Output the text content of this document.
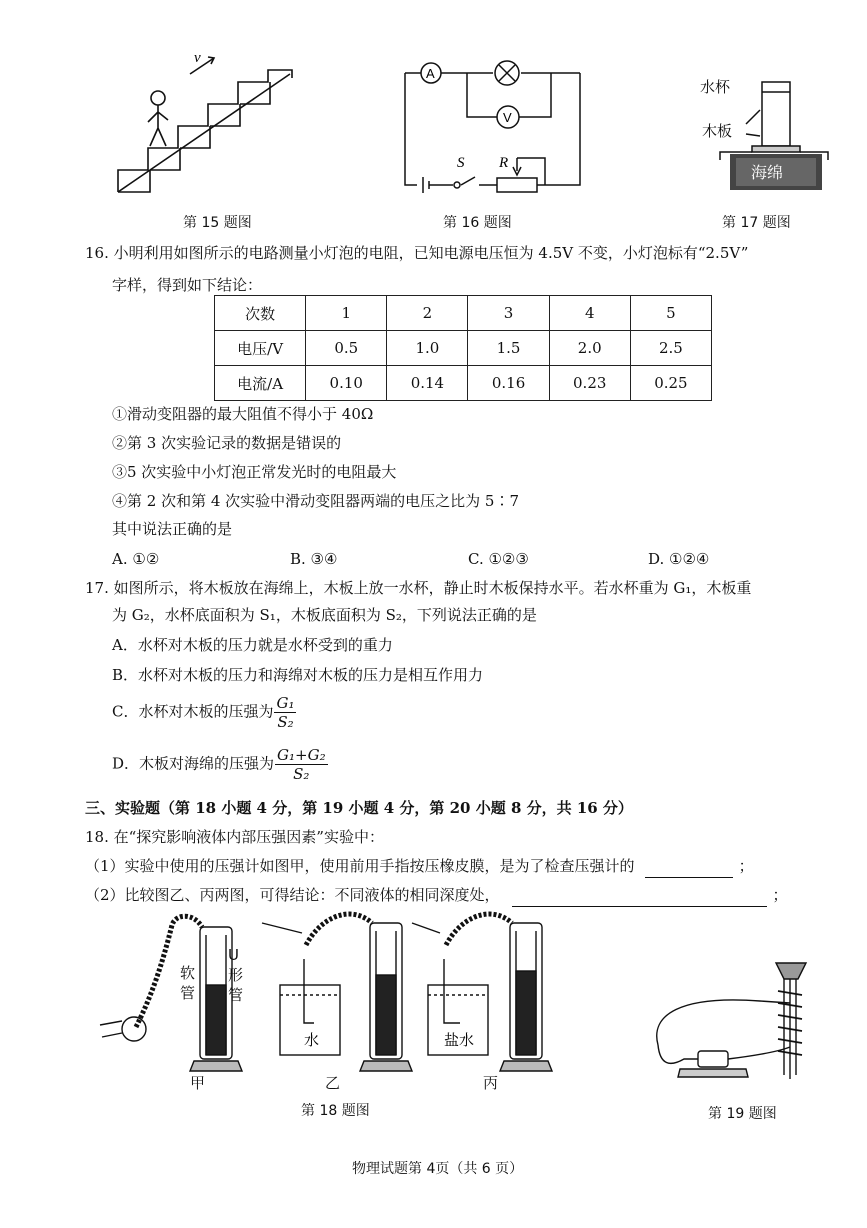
v
第 15 题图
A
V
S R
第 16 题图
海绵
水杯
木板
第 17 题图
16. 小明利用如图所示的电路测量小灯泡的电阻，已知电源电压恒为 4.5V 不变，小灯泡标有“2.5V”
字样，得到如下结论：
次数	1	2	3	4	5
电压/V	0.5	1.0	1.5	2.0	2.5
电流/A	0.10	0.14	0.16	0.23	0.25
①滑动变阻器的最大阻值不得小于 40Ω
②第 3 次实验记录的数据是错误的
③5 次实验中小灯泡正常发光时的电阻最大
④第 2 次和第 4 次实验中滑动变阻器两端的电压之比为 5∶7
其中说法正确的是
A. ①②	B. ③④	C. ①②③	D. ①②④
17. 如图所示，将木板放在海绵上，木板上放一水杯，静止时木板保持水平。若水杯重为 G₁，木板重
为 G₂，水杯底面积为 S₁，木板底面积为 S₂，下列说法正确的是
A．水杯对木板的压力就是水杯受到的重力
B．水杯对木板的压力和海绵对木板的压力是相互作用力
C．水杯对木板的压强为 $\frac{\text{G₁}}{\text{S₂}}$
D．木板对海绵的压强为 $\frac{\text{G₁+G₂}}{\text{S₂}}$
三、实验题（第 18 小题 4 分，第 19 小题 4 分，第 20 小题 8 分，共 16 分）
18. 在“探究影响液体内部压强因素”实验中：
（1）实验中使用的压强计如图甲，使用前用手指按压橡皮膜，是为了检查压强计的	；
（2）比较图乙、丙两图，可得结论：不同液体的相同深度处，	；
水	盐水
软管
U形管
甲	乙	丙
第 18 题图	第 19 题图
物理试题第 4页（共 6 页）
